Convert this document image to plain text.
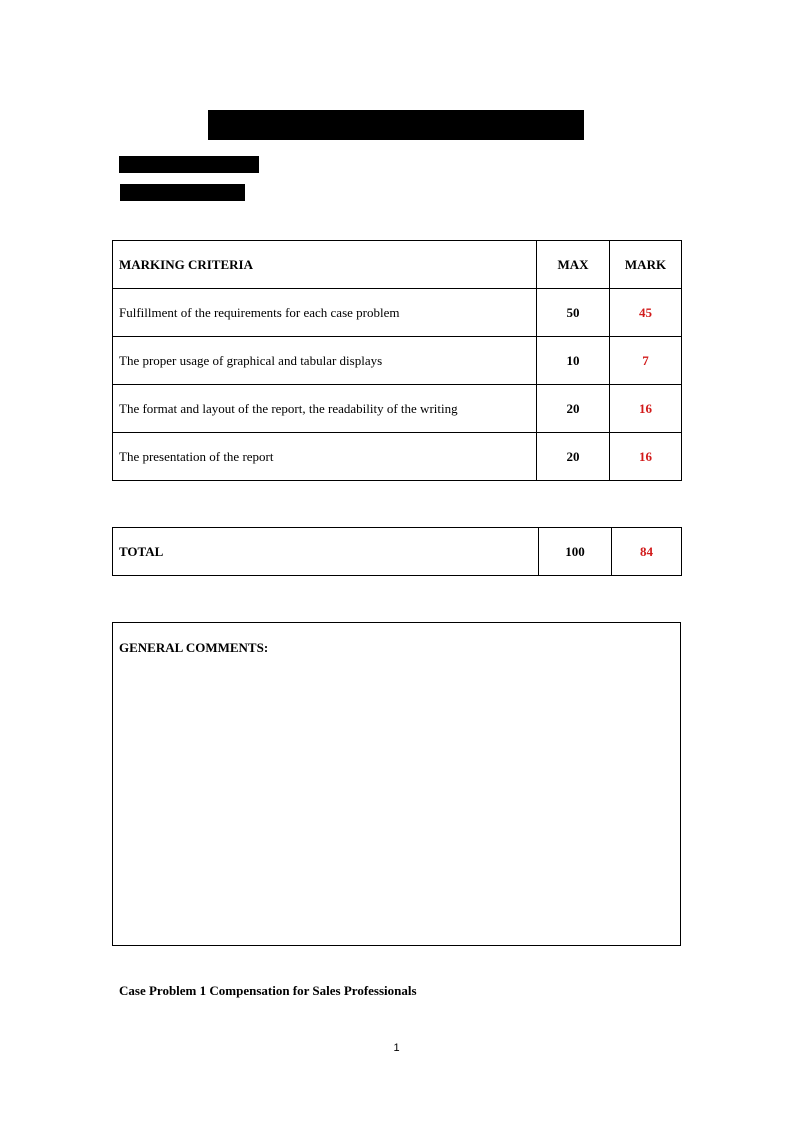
MARKING CRITERIA	MAX	MARK
Fulfillment of the requirements for each case problem	50	45
The proper usage of graphical and tabular displays	10	7
The format and layout of the report, the readability of the writing	20	16
The presentation of the report	20	16
TOTAL	100	84
GENERAL COMMENTS:
Case Problem 1 Compensation for Sales Professionals
1
